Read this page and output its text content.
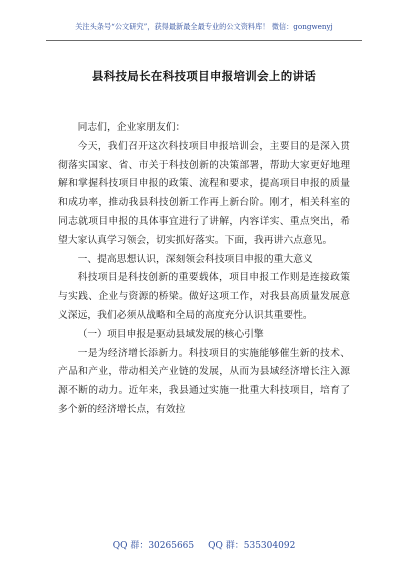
关注头条号“公文研究”，获得最新最全最专业的公文资料库！ 微信：gongwenyj
县科技局长在科技项目申报培训会上的讲话

同志们，企业家朋友们：

今天，我们召开这次科技项目申报培训会，主要目的是深入贯彻落实国家、省、市关于科技创新的决策部署，帮助大家更好地理解和掌握科技项目申报的政策、流程和要求，提高项目申报的质量和成功率，推动我县科技创新工作再上新台阶。刚才，相关科室的同志就项目申报的具体事宜进行了讲解，内容详实、重点突出，希望大家认真学习领会，切实抓好落实。下面，我再讲六点意见。

一、提高思想认识，深刻领会科技项目申报的重大意义

科技项目是科技创新的重要载体，项目申报工作则是连接政策与实践、企业与资源的桥梁。做好这项工作，对我县高质量发展意义深远，我们必须从战略和全局的高度充分认识其重要性。

（一）项目申报是驱动县域发展的核心引擎

一是为经济增长添新力。科技项目的实施能够催生新的技术、产品和产业，带动相关产业链的发展，从而为县域经济增长注入源源不断的动力。近年来，我县通过实施一批重大科技项目，培育了多个新的经济增长点，有效拉

QQ 群：30265665 QQ 群：535304092
